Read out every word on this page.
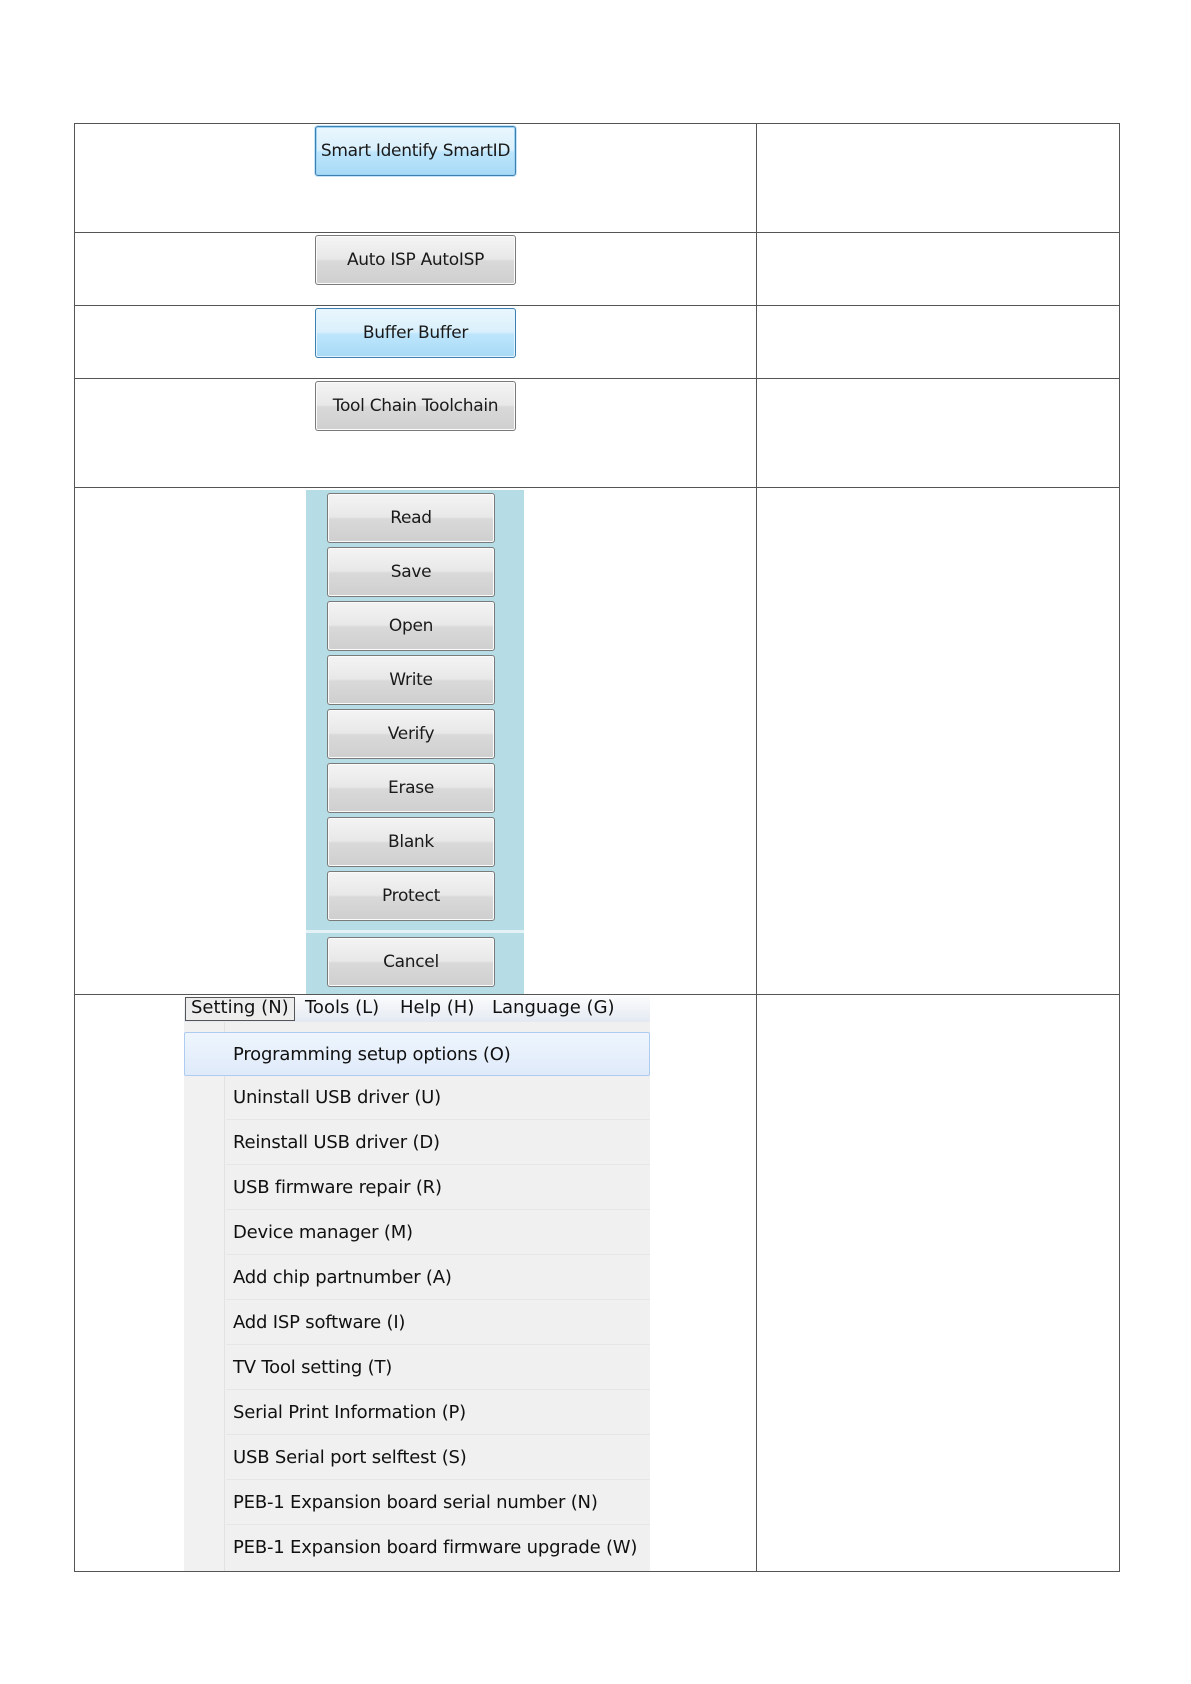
Smart Identify SmartID
Auto ISP AutoISP
Buffer Buffer
Tool Chain Toolchain
Read
Save
Open
Write
Verify
Erase
Blank
Protect
Cancel
Setting (N) Tools (L) Help (H) Language (G)
Programming setup options (O)
Uninstall USB driver (U)
Reinstall USB driver (D)
USB firmware repair (R)
Device manager (M)
Add chip partnumber (A)
Add ISP software (I)
TV Tool setting (T)
Serial Print Information (P)
USB Serial port selftest (S)
PEB-1 Expansion board serial number (N)
PEB-1 Expansion board firmware upgrade (W)
